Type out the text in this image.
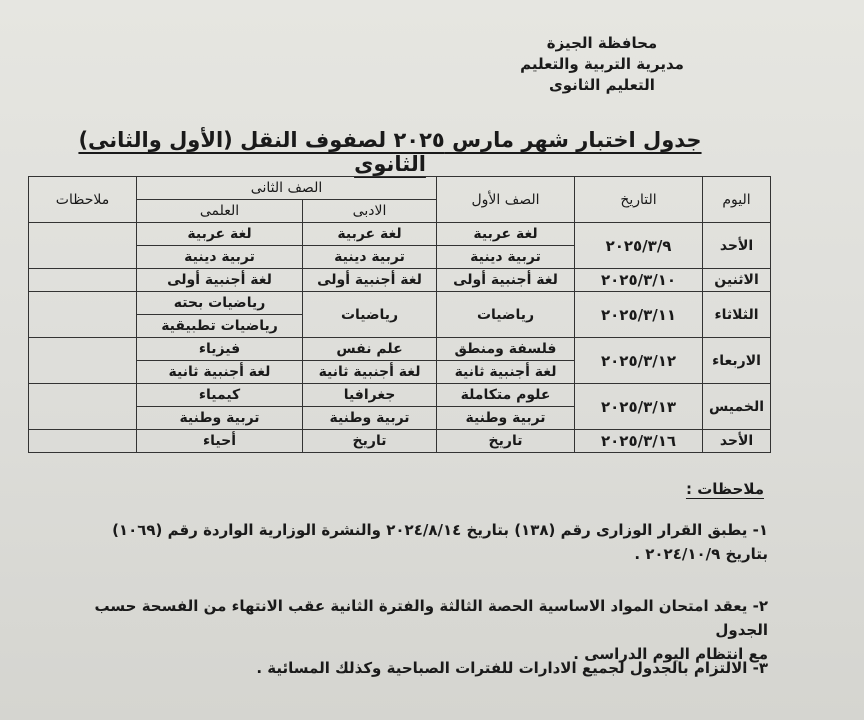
محافظة الجيزة
مديرية التربية والتعليم
التعليم الثانوى
جدول اختبار شهر مارس ٢٠٢٥ لصفوف النقل (الأول والثانى) الثانوى
اليوم	التاريخ	الصف الأول	الصف الثانى		ملاحظات
			الادبى	العلمى	
الأحد	٢٠٢٥/٣/٩	لغة عربية	لغة عربية	لغة عربية	
		تربية دينية	تربية دينية	تربية دينية	
الاثنين	٢٠٢٥/٣/١٠	لغة أجنبية أولى	لغة أجنبية أولى	لغة أجنبية أولى	
الثلاثاء	٢٠٢٥/٣/١١	رياضيات	رياضيات	رياضيات بحته	
				رياضيات تطبيقية	
الاربعاء	٢٠٢٥/٣/١٢	فلسفة ومنطق	علم نفس	فيزياء	
		لغة أجنبية ثانية	لغة أجنبية ثانية	لغة أجنبية ثانية	
الخميس	٢٠٢٥/٣/١٣	علوم متكاملة	جغرافيا	كيمياء	
		تربية وطنية	تربية وطنية	تربية وطنية	
الأحد	٢٠٢٥/٣/١٦	تاريخ	تاريخ	أحياء	
ملاحظات :
١- يطبق القرار الوزارى رقم (١٣٨) بتاريخ ٢٠٢٤/٨/١٤ والنشرة الوزارية الواردة رقم (١٠٦٩)
بتاريخ ٢٠٢٤/١٠/٩ .
٢- يعقد امتحان المواد الاساسية الحصة الثالثة والفترة الثانية عقب الانتهاء من الفسحة حسب الجدول
مع انتظام اليوم الدراسى .
٣- الالتزام بالجدول لجميع الادارات للفترات الصباحية وكذلك المسائية .
